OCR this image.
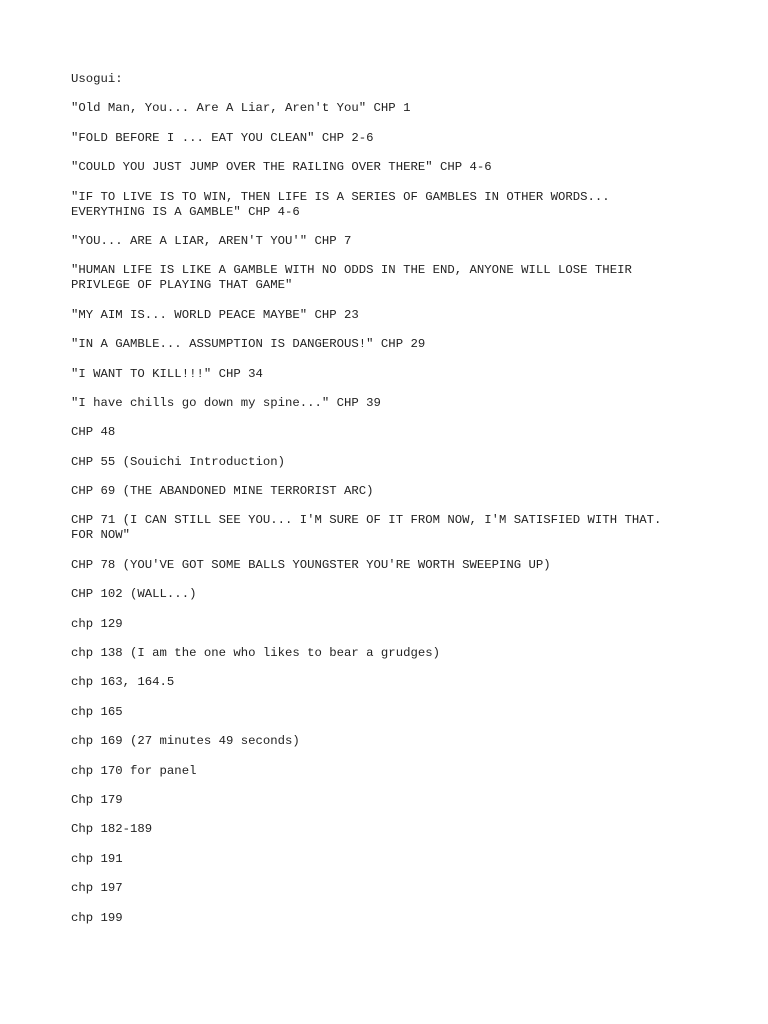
Usogui:

"Old Man, You... Are A Liar, Aren't You" CHP 1

"FOLD BEFORE I ... EAT YOU CLEAN" CHP 2-6

"COULD YOU JUST JUMP OVER THE RAILING OVER THERE" CHP 4-6

"IF TO LIVE IS TO WIN, THEN LIFE IS A SERIES OF GAMBLES IN OTHER WORDS...
EVERYTHING IS A GAMBLE" CHP 4-6

"YOU... ARE A LIAR, AREN'T YOU'" CHP 7

"HUMAN LIFE IS LIKE A GAMBLE WITH NO ODDS IN THE END, ANYONE WILL LOSE THEIR
PRIVLEGE OF PLAYING THAT GAME"

"MY AIM IS... WORLD PEACE MAYBE" CHP 23

"IN A GAMBLE... ASSUMPTION IS DANGEROUS!" CHP 29

"I WANT TO KILL!!!" CHP 34

"I have chills go down my spine..." CHP 39

CHP 48

CHP 55 (Souichi Introduction)

CHP 69 (THE ABANDONED MINE TERRORIST ARC)

CHP 71 (I CAN STILL SEE YOU... I'M SURE OF IT FROM NOW, I'M SATISFIED WITH THAT.
FOR NOW"

CHP 78 (YOU'VE GOT SOME BALLS YOUNGSTER YOU'RE WORTH SWEEPING UP)

CHP 102 (WALL...)

chp 129

chp 138 (I am the one who likes to bear a grudges)

chp 163, 164.5

chp 165

chp 169 (27 minutes 49 seconds)

chp 170 for panel

Chp 179

Chp 182-189

chp 191

chp 197

chp 199
